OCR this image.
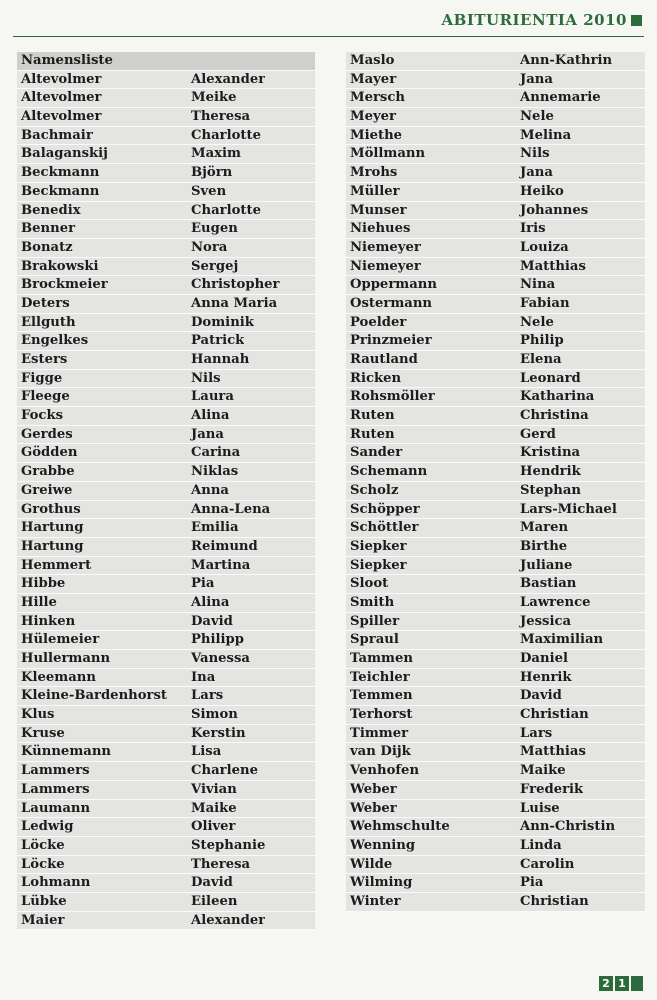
ABITURIENTIA 2010
Namensliste
Altevolmer	Alexander
Altevolmer	Meike
Altevolmer	Theresa
Bachmair	Charlotte
Balaganskij	Maxim
Beckmann	Björn
Beckmann	Sven
Benedix	Charlotte
Benner	Eugen
Bonatz	Nora
Brakowski	Sergej
Brockmeier	Christopher
Deters	Anna Maria
Ellguth	Dominik
Engelkes	Patrick
Esters	Hannah
Figge	Nils
Fleege	Laura
Focks	Alina
Gerdes	Jana
Gödden	Carina
Grabbe	Niklas
Greiwe	Anna
Grothus	Anna-Lena
Hartung	Emilia
Hartung	Reimund
Hemmert	Martina
Hibbe	Pia
Hille	Alina
Hinken	David
Hülemeier	Philipp
Hullermann	Vanessa
Kleemann	Ina
Kleine-Bardenhorst	Lars
Klus	Simon
Kruse	Kerstin
Künnemann	Lisa
Lammers	Charlene
Lammers	Vivian
Laumann	Maike
Ledwig	Oliver
Löcke	Stephanie
Löcke	Theresa
Lohmann	David
Lübke	Eileen
Maier	Alexander
Maslo	Ann-Kathrin
Mayer	Jana
Mersch	Annemarie
Meyer	Nele
Miethe	Melina
Möllmann	Nils
Mrohs	Jana
Müller	Heiko
Munser	Johannes
Niehues	Iris
Niemeyer	Louiza
Niemeyer	Matthias
Oppermann	Nina
Ostermann	Fabian
Poelder	Nele
Prinzmeier	Philip
Rautland	Elena
Ricken	Leonard
Rohsmöller	Katharina
Ruten	Christina
Ruten	Gerd
Sander	Kristina
Schemann	Hendrik
Scholz	Stephan
Schöpper	Lars-Michael
Schöttler	Maren
Siepker	Birthe
Siepker	Juliane
Sloot	Bastian
Smith	Lawrence
Spiller	Jessica
Spraul	Maximilian
Tammen	Daniel
Teichler	Henrik
Temmen	David
Terhorst	Christian
Timmer	Lars
van Dijk	Matthias
Venhofen	Maike
Weber	Frederik
Weber	Luise
Wehmschulte	Ann-Christin
Wenning	Linda
Wilde	Carolin
Wilming	Pia
Winter	Christian
2 1
